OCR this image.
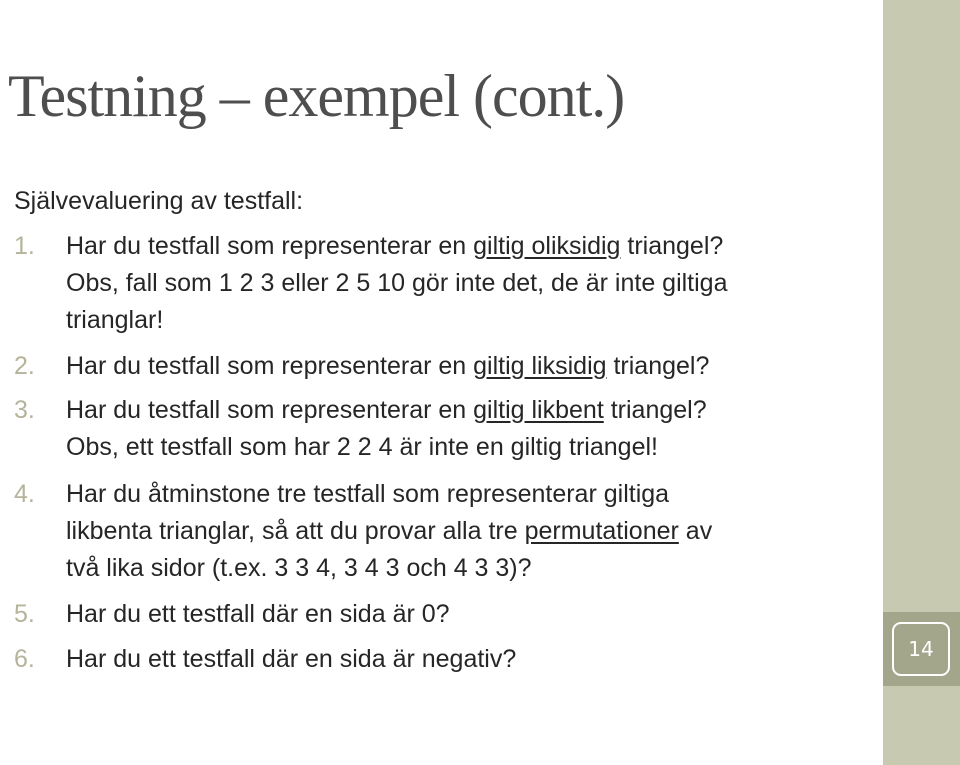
14
Testning – exempel (cont.)

Självevaluering av testfall:

1. Har du testfall som representerar en giltig oliksidig triangel?
Obs, fall som 1 2 3 eller 2 5 10 gör inte det, de är inte giltiga
trianglar!
2. Har du testfall som representerar en giltig liksidig triangel?
3. Har du testfall som representerar en giltig likbent triangel?
Obs, ett testfall som har 2 2 4 är inte en giltig triangel!
4. Har du åtminstone tre testfall som representerar giltiga
likbenta trianglar, så att du provar alla tre permutationer av
två lika sidor (t.ex. 3 3 4, 3 4 3 och 4 3 3)?
5. Har du ett testfall där en sida är 0?
6. Har du ett testfall där en sida är negativ?
